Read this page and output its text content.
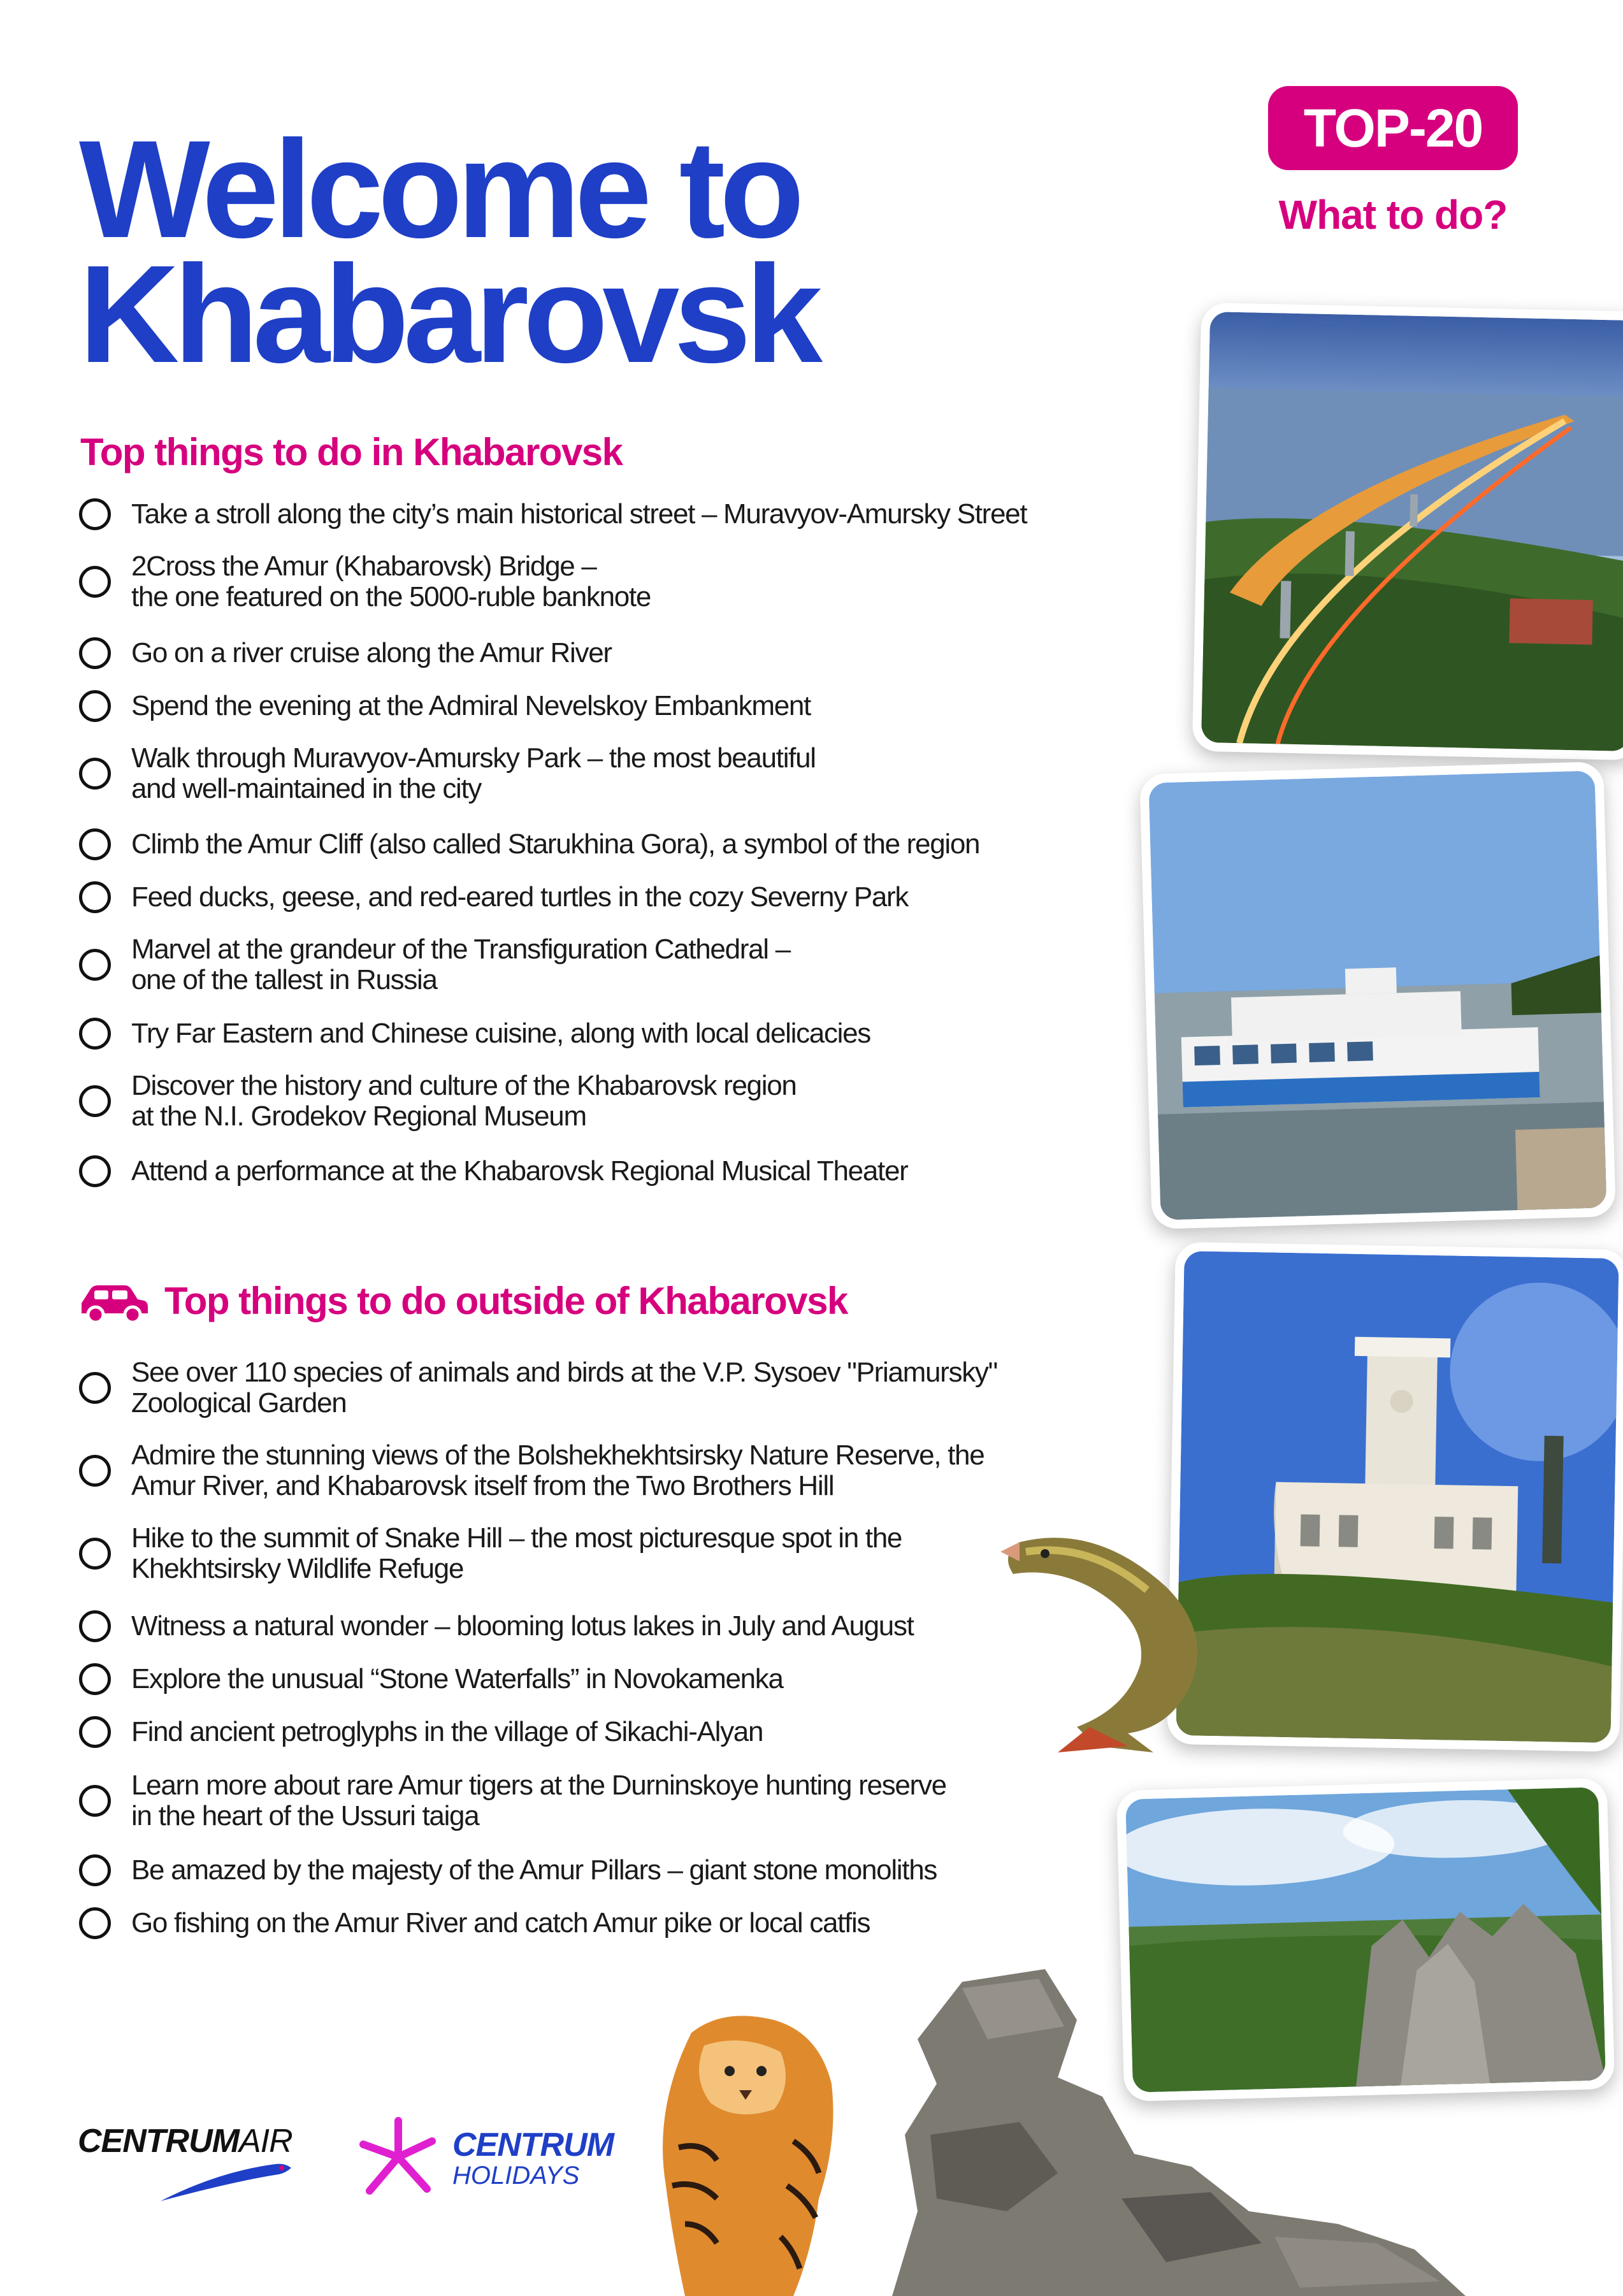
Welcome to
Khabarovsk
TOP-20
What to do?
Top things to do in Khabarovsk
Take a stroll along the city’s main historical street – Muravyov-Amursky Street
2Cross the Amur (Khabarovsk) Bridge –
the one featured on the 5000-ruble banknote
Go on a river cruise along the Amur River
Spend the evening at the Admiral Nevelskoy Embankment
Walk through Muravyov-Amursky Park – the most beautiful
and well-maintained in the city
Climb the Amur Cliff (also called Starukhina Gora), a symbol of the region
Feed ducks, geese, and red-eared turtles in the cozy Severny Park
Marvel at the grandeur of the Transfiguration Cathedral –
one of the tallest in Russia
Try Far Eastern and Chinese cuisine, along with local delicacies
Discover the history and culture of the Khabarovsk region
at the N.I. Grodekov Regional Museum
Attend a performance at the Khabarovsk Regional Musical Theater
Top things to do outside of Khabarovsk
See over 110 species of animals and birds at the V.P. Sysoev "Priamursky"
Zoological Garden
Admire the stunning views of the Bolshekhekhtsirsky Nature Reserve, the
Amur River, and Khabarovsk itself from the Two Brothers Hill
Hike to the summit of Snake Hill – the most picturesque spot in the
Khekhtsirsky Wildlife Refuge
Witness a natural wonder – blooming lotus lakes in July and August
Explore the unusual “Stone Waterfalls” in Novokamenka
Find ancient petroglyphs in the village of Sikachi-Alyan
Learn more about rare Amur tigers at the Durninskoye hunting reserve
in the heart of the Ussuri taiga
Be amazed by the majesty of the Amur Pillars – giant stone monoliths
Go fishing on the Amur River and catch Amur pike or local catfis
CENTRUMAIR	CENTRUM
HOLIDAYS
